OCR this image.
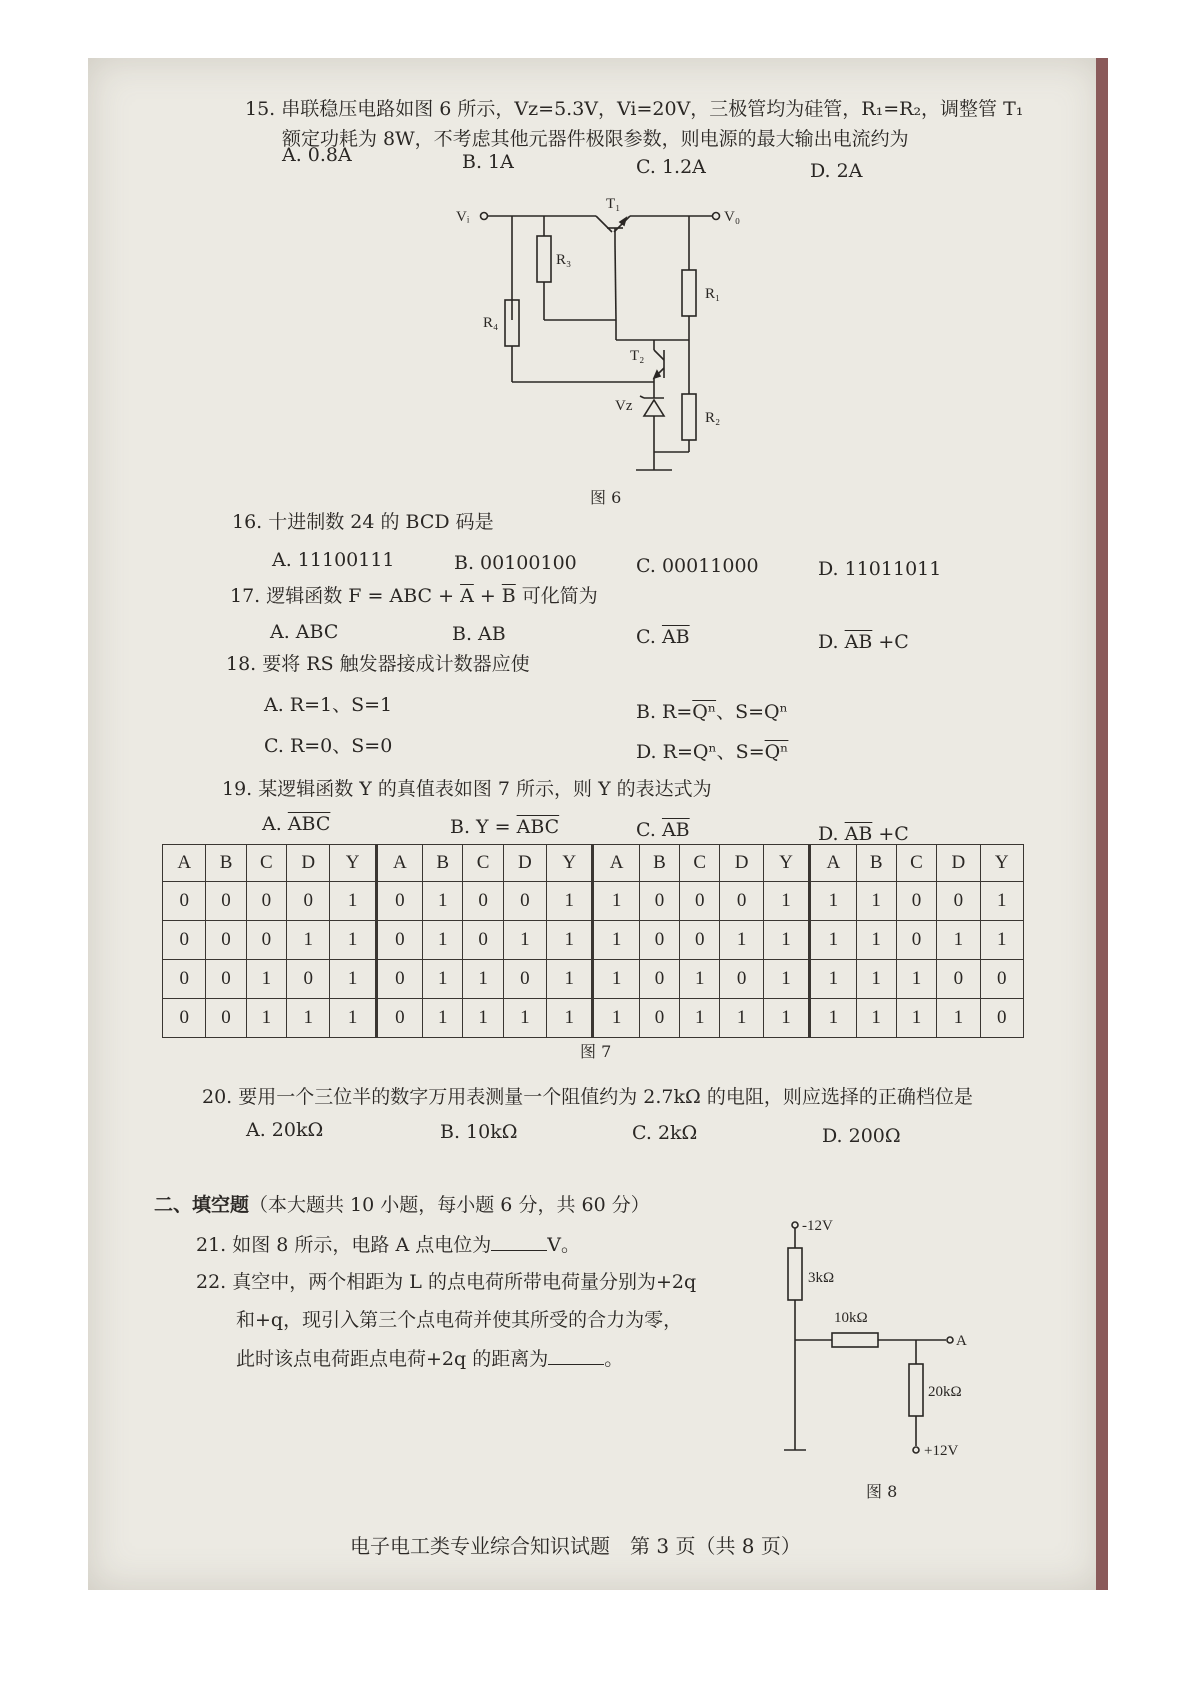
15. 串联稳压电路如图 6 所示，Vz=5.3V，Vi=20V，三极管均为硅管，R₁=R₂，调整管 T₁
额定功耗为 8W，不考虑其他元器件极限参数，则电源的最大输出电流约为
A. 0.8A	B. 1A	C. 1.2A	D. 2A
Vᵢ	V₀
T₁
T₂
R₃
R₄
R₁
R₂
Vz
图 6
16. 十进制数 24 的 BCD 码是
A. 11100111	B. 00100100	C. 00011000	D. 11011011
17. 逻辑函数 F = ABC + $\overline{A} + \overline{B}$ 可化简为
A. ABC	B. AB	C. $\overline{AB}$	D. $\overline{AB} +C$
18. 要将 RS 触发器接成计数器应使
A. R=1、S=1	B. $R=\overline{Q^n}$、S=Qⁿ
C. R=0、S=0	D. R=Qⁿ、$S=\overline{Q^n}$
19. 某逻辑函数 Y 的真值表如图 7 所示，则 Y 的表达式为
A. $\overline{ABC}$	B. $Y = \overline{ABC}$	C. $\overline{AB}$	D. $\overline{AB} +C$
A	B	C	D	Y	A	B	C	D	Y	A	B	C	D	Y	A	B	C	D	Y
0	0	0	0	1	0	1	0	0	1	1	0	0	0	1	1	1	0	0	1
0	0	0	1	1	0	1	0	1	1	1	0	0	1	1	1	1	0	1	1
0	0	1	0	1	0	1	1	0	1	1	0	1	0	1	1	1	1	0	0
0	0	1	1	1	0	1	1	1	1	1	0	1	1	1	1	1	1	1	0
图 7
20. 要用一个三位半的数字万用表测量一个阻值约为 2.7kΩ 的电阻，则应选择的正确档位是
A. 20kΩ	B. 10kΩ	C. 2kΩ	D. 200Ω
二、填空题（本大题共 10 小题，每小题 6 分，共 60 分）
21. 如图 8 所示，电路 A 点电位为	V。
22. 真空中，两个相距为 L 的点电荷所带电荷量分别为+2q
和+q，现引入第三个点电荷并使其所受的合力为零，
此时该点电荷距点电荷+2q 的距离为	。
-12V
3kΩ
10kΩ
A
20kΩ
+12V
图 8
电子电工类专业综合知识试题　第 3 页（共 8 页）
